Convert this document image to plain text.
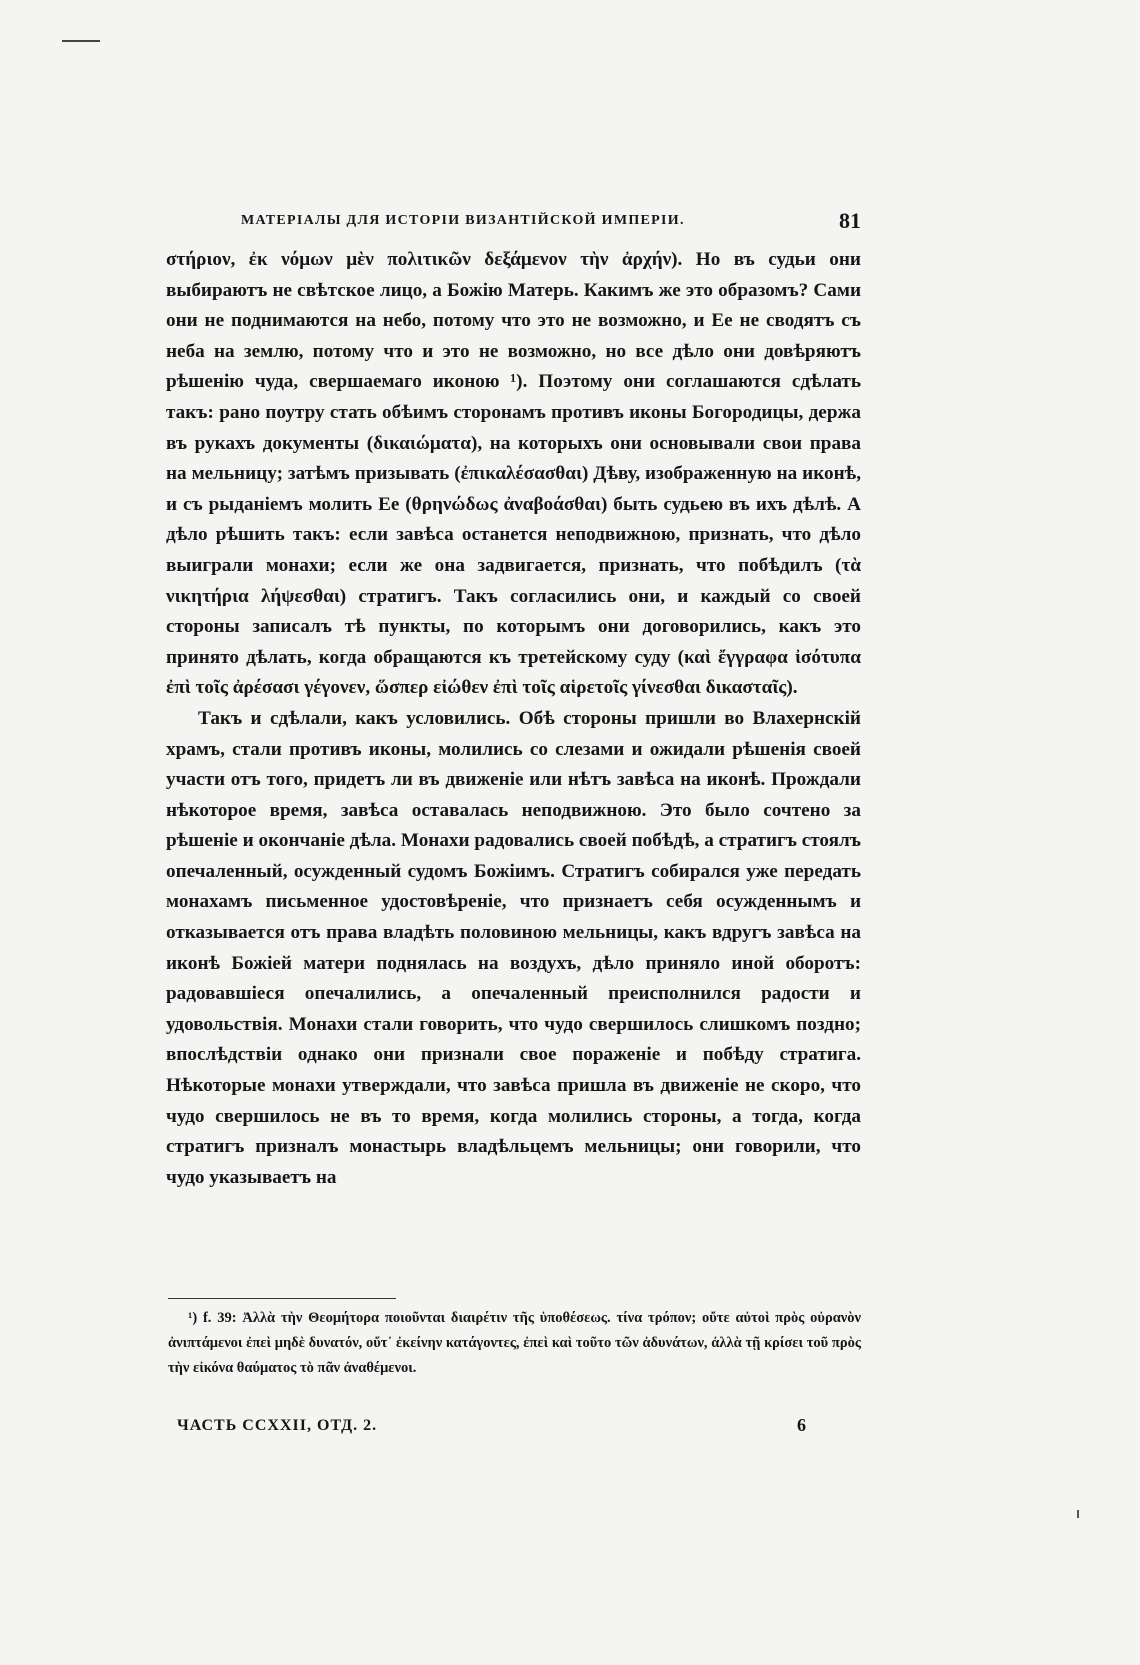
МАТЕРІАЛЫ ДЛЯ ИСТОРІИ ВИЗАНТІЙСКОЙ ИМПЕРІИ.	81

στήριον, ἐκ νόμων μὲν πολιτικῶν δεξάμενον τὴν ἀρχήν). Но въ судьи они выбираютъ не свѣтское лицо, а Божію Матерь. Какимъ же это образомъ? Сами они не поднимаются на небо, потому что это не возможно, и Ее не сводятъ съ неба на землю, потому что и это не возможно, но все дѣло они довѣряютъ рѣшенію чуда, свершаемаго иконою ¹). Поэтому они соглашаются сдѣлать такъ: рано поутру стать обѣимъ сторонамъ противъ иконы Богородицы, держа въ рукахъ документы (δικαιώματα), на которыхъ они основывали свои права на мельницу; затѣмъ призывать (ἐπικαλέσασθαι) Дѣву, изображенную на иконѣ, и съ рыданіемъ молить Ее (θρηνώδως ἀναβοάσθαι) быть судьею въ ихъ дѣлѣ. А дѣло рѣшить такъ: если завѣса останется неподвижною, признать, что дѣло выиграли монахи; если же она задвигается, признать, что побѣдилъ (τὰ νικητήρια λήψεσθαι) стратигъ. Такъ согласились они, и каждый со своей стороны записалъ тѣ пункты, по которымъ они договорились, какъ это принято дѣлать, когда обращаются къ третейскому суду (καὶ ἔγγραφα ἰσότυπα ἐπὶ τοῖς ἀρέσασι γέγονεν, ὥσπερ εἰώθεν ἐπὶ τοῖς αἱρετοῖς γίνεσθαι δικασταῖς).

Такъ и сдѣлали, какъ условились. Обѣ стороны пришли во Влахернскій храмъ, стали противъ иконы, молились со слезами и ожидали рѣшенія своей участи отъ того, придетъ ли въ движеніе или нѣтъ завѣса на иконѣ. Прождали нѣкоторое время, завѣса оставалась неподвижною. Это было сочтено за рѣшеніе и окончаніе дѣла. Монахи радовались своей побѣдѣ, а стратигъ стоялъ опечаленный, осужденный судомъ Божіимъ. Стратигъ собирался уже передать монахамъ письменное удостовѣреніе, что признаетъ себя осужденнымъ и отказывается отъ права владѣть половиною мельницы, какъ вдругъ завѣса на иконѣ Божіей матери поднялась на воздухъ, дѣло приняло иной оборотъ: радовавшіеся опечалились, а опечаленный преисполнился радости и удовольствія. Монахи стали говорить, что чудо свершилось слишкомъ поздно; впослѣдствіи однако они признали свое пораженіе и побѣду стратига. Нѣкоторые монахи утверждали, что завѣса пришла въ движеніе не скоро, что чудо свершилось не въ то время, когда молились стороны, а тогда, когда стратигъ призналъ монастырь владѣльцемъ мельницы; они говорили, что чудо указываетъ на

¹) f. 39: Ἀλλὰ τὴν Θεομήτορα ποιοῦνται διαιρέτιν τῆς ὑποθέσεως. τίνα τρόπον; οὔτε αὐτοὶ πρὸς οὐρανὸν ἀνιπτάμενοι ἐπεὶ μηδὲ δυνατόν, οὔτ᾽ ἐκείνην κατάγοντες, ἐπεὶ καὶ τοῦτο τῶν ἀδυνάτων, ἀλλὰ τῇ κρίσει τοῦ πρὸς τὴν εἰκόνα θαύματος τὸ πᾶν ἀναθέμενοι.
ЧАСТЬ CCXXII, ОТД. 2.	6
